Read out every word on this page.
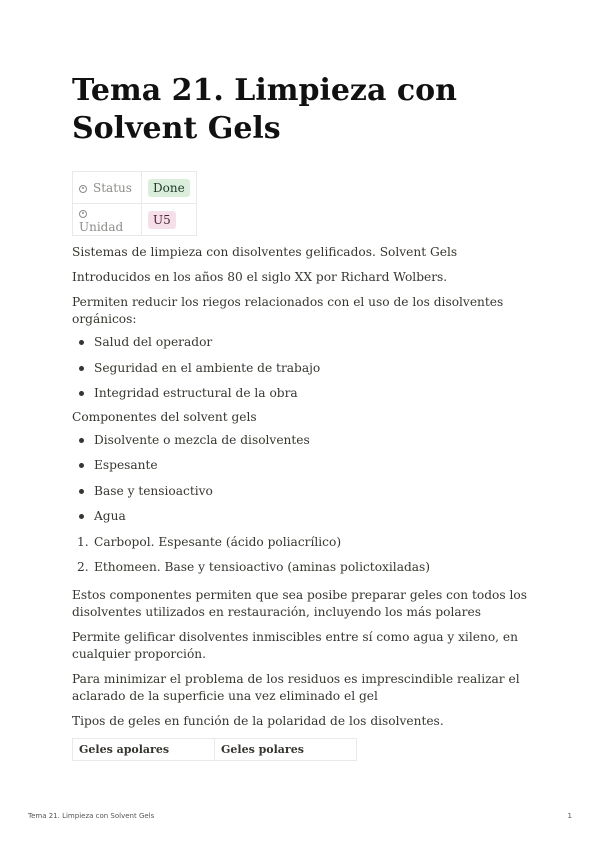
Tema 21. Limpieza con Solvent Gels
Status	Done
Unidad	U5

Sistemas de limpieza con disolventes gelificados. Solvent Gels

Introducidos en los años 80 el siglo XX por Richard Wolbers.

Permiten reducir los riegos relacionados con el uso de los disolventes orgánicos:

Salud del operador
Seguridad en el ambiente de trabajo
Integridad estructural de la obra

Componentes del solvent gels

Disolvente o mezcla de disolventes
Espesante
Base y tensioactivo
Agua
1. Carbopol. Espesante (ácido poliacrílico)
2. Ethomeen. Base y tensioactivo (aminas polictoxiladas)

Estos componentes permiten que sea posibe preparar geles con todos los disolventes utilizados en restauración, incluyendo los más polares

Permite gelificar disolventes inmiscibles entre sí como agua y xileno, en cualquier proporción.

Para minimizar el problema de los residuos es imprescindible realizar el aclarado de la superficie una vez eliminado el gel

Tipos de geles en función de la polaridad de los disolventes.

Geles apolares	Geles polares
Tema 21. Limpieza con Solvent Gels	1
